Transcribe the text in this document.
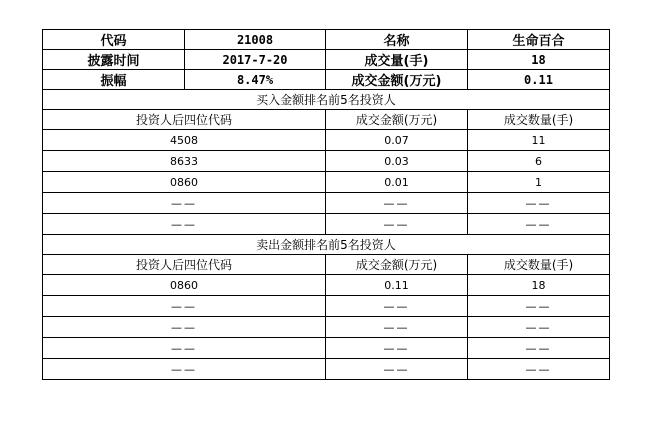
代码	21008	名称	生命百合
披露时间	2017-7-20	成交量(手)	18
振幅	8.47%	成交金额(万元)	0.11
买入金额排名前5名投资人			
投资人后四位代码		成交金额(万元)	成交数量(手)
4508		0.07	11
8633		0.03	6
0860		0.01	1
——		——	——
——		——	——
卖出金额排名前5名投资人			
投资人后四位代码		成交金额(万元)	成交数量(手)
0860		0.11	18
——		——	——
——		——	——
——		——	——
——		——	——
